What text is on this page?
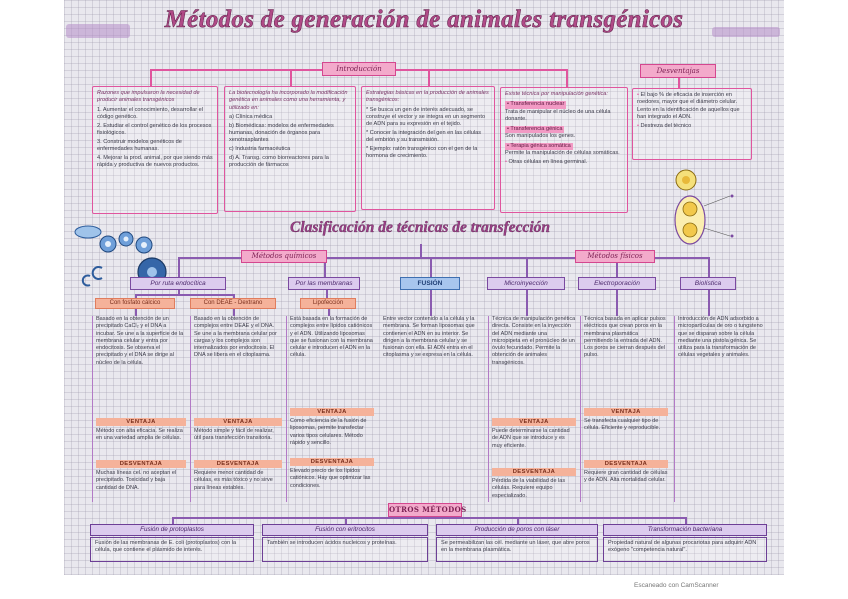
Métodos de generación de animales transgénicos
Introducción

Razones que impulsaron la necesidad de producir animales transgénicos

1. Aumentar el conocimiento, desarrollar el código genético.

2. Estudiar el control genético de los procesos fisiológicos.

3. Construir modelos genéticos de enfermedades humanas.

4. Mejorar la prod. animal, por que siendo más rápida y productiva de nuevos productos.

La biotecnología ha incorporado la modificación genética en animales como una herramienta, y utilizado en:

a) Clínica médica

b) Biomédicas: modelos de enfermedades humanas, donación de órganos para xenotrasplantes

c) Industria farmacéutica

d) A. Transg. como biorreactores para la producción de fármacos

Estrategias básicas en la producción de animales transgénicos:

* Se busca un gen de interés adecuado, se construye el vector y se integra en un segmento de ADN para su expresión en el tejido.

* Conocer la integración del gen en las células del embrión y su transmisión.

* Ejemplo: ratón transgénico con el gen de la hormona de crecimiento.

Existe técnica por manipulación genética:

• Transferencia nuclear

Trata de manipular el núcleo de una célula donante.

• Transferencia génica

Son manipulados los genes.

• Terapia génica somática

Permite la manipulación de células somáticas.

• Otras células en línea germinal.

Desventajas

• El bajo % de eficacia de inserción en roedores, mayor que el diámetro celular. Lento en la identificación de aquellos que han integrado el ADN.

• Destreza del técnico

Clasificación de técnicas de transfección
Métodos químicos	Métodos físicos
Por ruta endocítica	Por las membranas	FUSIÓN	Microinyección	Electroporación	Biolística
Con fosfato cálcico	Con DEAE - Dextrano	Lipofección

Basado en la obtención de un precipitado CaCl₂ y el DNA a incubar. Se une a la superficie de la membrana celular y entra por endocitosis. Se observa el precipitado y el DNA se dirige al núcleo de la célula.

VENTAJA

Método con alta eficacia. Se realiza en una variedad amplia de células.

DESVENTAJA

Muchas líneas cel. no aceptan el precipitado. Toxicidad y baja cantidad de DNA.

Basado en la obtención de complejos entre DEAE y el DNA. Se une a la membrana celular por cargas y los complejos son internalizados por endocitosis. El DNA se libera en el citoplasma.

VENTAJA

Método simple y fácil de realizar, útil para transfección transitoria.

DESVENTAJA

Requiere menor cantidad de células, es más tóxico y no sirve para líneas estables.

Está basada en la formación de complejos entre lípidos catiónicos y el ADN. Utilizando liposomas que se fusionan con la membrana celular e introducen el ADN en la célula.

VENTAJA

Como eficiencia de la fusión de liposomas, permite transfectar varios tipos celulares. Método rápido y sencillo.

DESVENTAJA

Elevado precio de los lípidos catiónicos. Hay que optimizar las condiciones.

Entre vector contenido a la célula y la membrana. Se forman liposomas que contienen el ADN en su interior. Se dirigen a la membrana celular y se fusionan con ella. El ADN entra en el citoplasma y se expresa en la célula.

Técnica de manipulación genética directa. Consiste en la inyección del ADN mediante una micropipeta en el pronúcleo de un óvulo fecundado. Permite la obtención de animales transgénicos.

VENTAJA

Puede determinarse la cantidad de ADN que se introduce y es muy eficiente.

DESVENTAJA

Pérdida de la viabilidad de las células. Requiere equipo especializado.

Técnica basada en aplicar pulsos eléctricos que crean poros en la membrana plasmática permitiendo la entrada del ADN. Los poros se cierran después del pulso.

VENTAJA

Se transfecta cualquier tipo de célula. Eficiente y reproducible.

DESVENTAJA

Requiere gran cantidad de células y de ADN. Alta mortalidad celular.

Introducción de ADN adsorbido a micropartículas de oro o tungsteno que se disparan sobre la célula mediante una pistola génica. Se utiliza para la transformación de células vegetales y animales.

OTROS MÉTODOS
Fusión de protoplastos
Fusión de las membranas de E. coli (protoplastos) con la célula, que contiene el plásmido de interés.
Fusión con eritrocitos
También se introducen ácidos nucleicos y proteínas.
Producción de poros con láser
Se permeabilizan las cél. mediante un láser, que abre poros en la membrana plasmática.
Transformación bacteriana
Propiedad natural de algunas procariotas para adquirir ADN exógeno "competencia natural".
Escaneado con CamScanner
